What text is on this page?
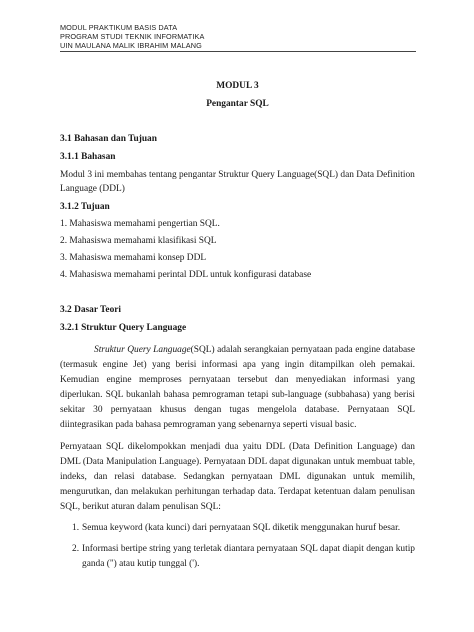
MODUL PRAKTIKUM BASIS DATA
PROGRAM STUDI TEKNIK INFORMATIKA
UIN MAULANA MALIK IBRAHIM MALANG
MODUL 3
Pengantar SQL
3.1 Bahasan dan Tujuan
3.1.1 Bahasan
Modul 3 ini membahas tentang pengantar Struktur Query Language(SQL) dan Data Definition Language (DDL)
3.1.2 Tujuan
1. Mahasiswa memahami pengertian SQL.
2. Mahasiswa memahami klasifikasi SQL
3. Mahasiswa memahami konsep DDL
4. Mahasiswa memahami perintal DDL untuk konfigurasi database
3.2 Dasar Teori
3.2.1 Struktur Query Language

Struktur Query Language(SQL) adalah serangkaian pernyataan pada engine database (termasuk engine Jet) yang berisi informasi apa yang ingin ditampilkan oleh pemakai. Kemudian engine memproses pernyataan tersebut dan menyediakan informasi yang diperlukan. SQL bukanlah bahasa pemrograman tetapi sub-language (subbahasa) yang berisi sekitar 30 pernyataan khusus dengan tugas mengelola database. Pernyataan SQL diintegrasikan pada bahasa pemrograman yang sebenarnya seperti visual basic.

Pernyataan SQL dikelompokkan menjadi dua yaitu DDL (Data Definition Language) dan DML (Data Manipulation Language). Pernyataan DDL dapat digunakan untuk membuat table, indeks, dan relasi database. Sedangkan pernyataan DML digunakan untuk memilih, mengurutkan, dan melakukan perhitungan terhadap data. Terdapat ketentuan dalam penulisan SQL, berikut aturan dalam penulisan SQL:

1. Semua keyword (kata kunci) dari pernyataan SQL diketik menggunakan huruf besar.
2. Informasi bertipe string yang terletak diantara pernyataan SQL dapat diapit dengan kutip ganda (") atau kutip tunggal (').
